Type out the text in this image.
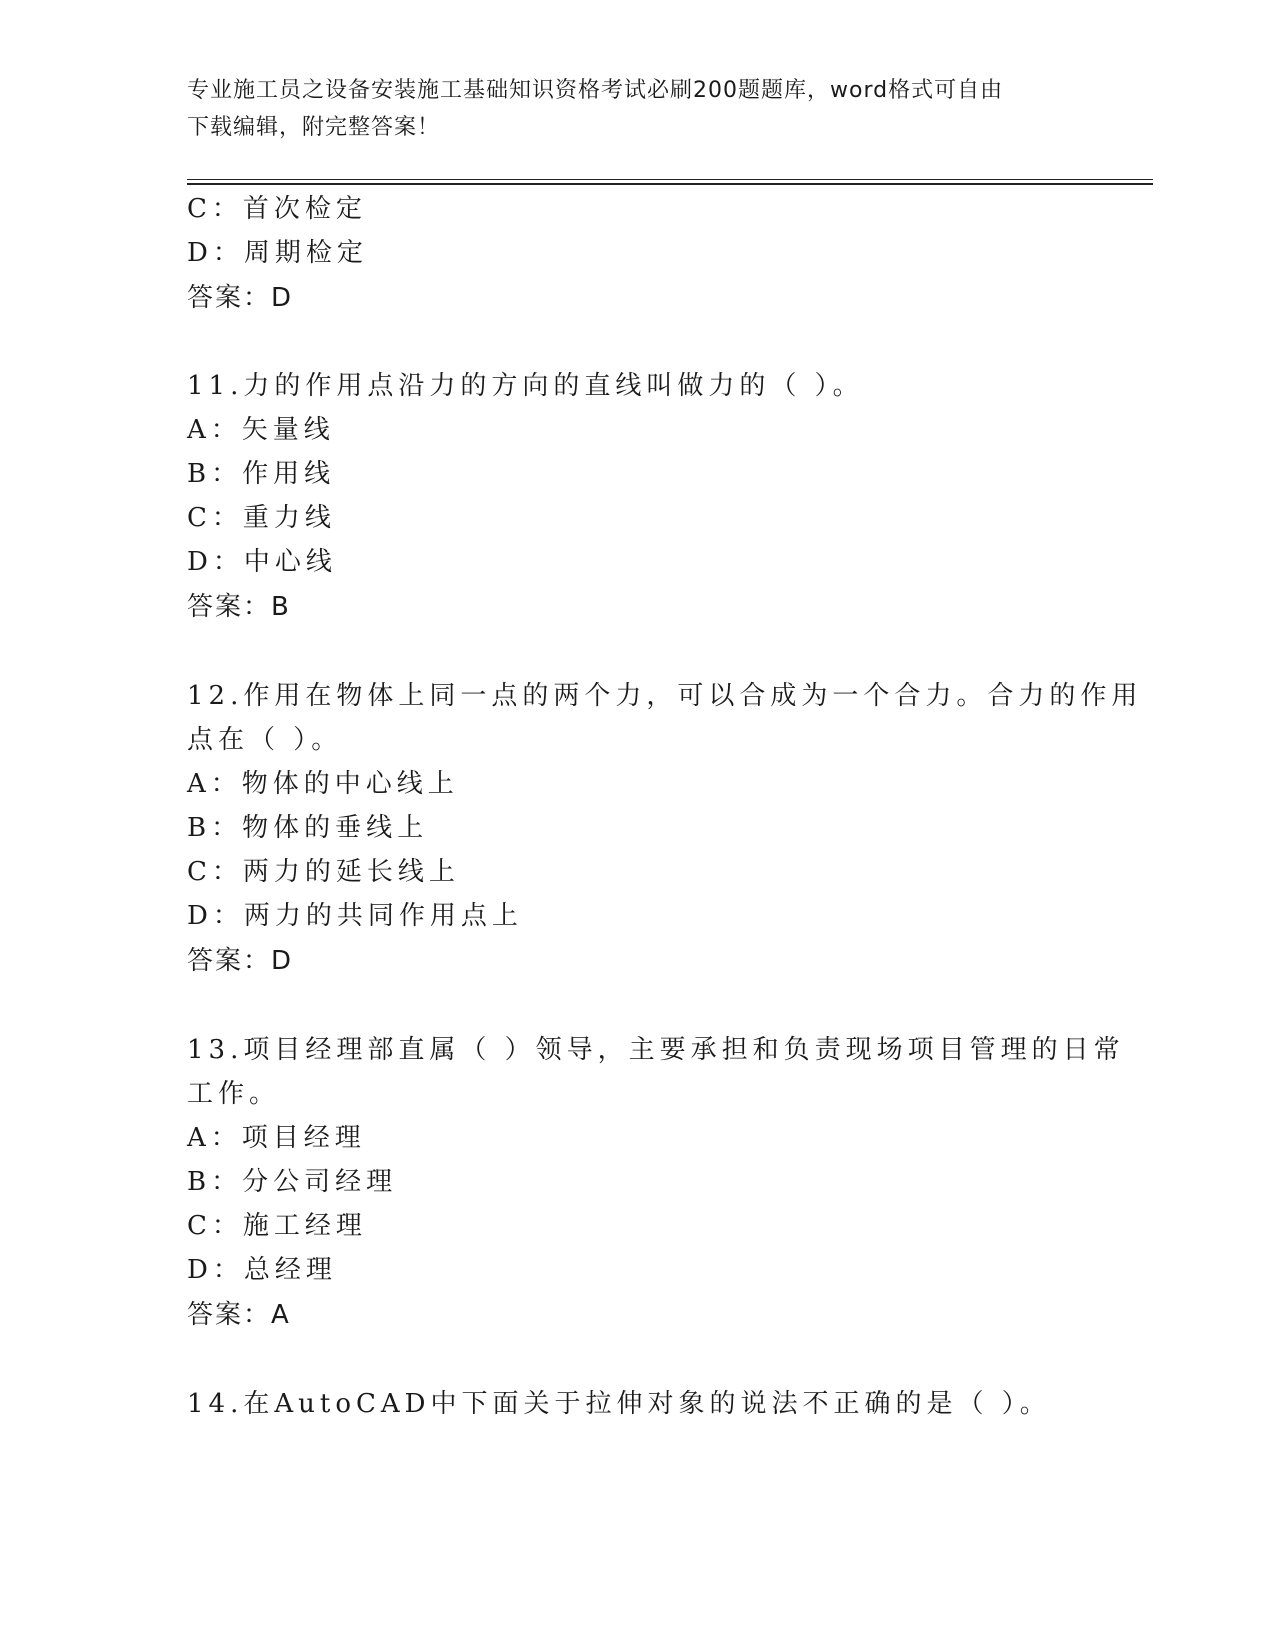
专业施工员之设备安装施工基础知识资格考试必刷200题题库，word格式可自由
下载编辑，附完整答案！
C：首次检定
D：周期检定
答案：D
11.力的作用点沿力的方向的直线叫做力的（ ）。
A：矢量线
B：作用线
C：重力线
D：中心线
答案：B
12.作用在物体上同一点的两个力，可以合成为一个合力。合力的作用
点在（ ）。
A：物体的中心线上
B：物体的垂线上
C：两力的延长线上
D：两力的共同作用点上
答案：D
13.项目经理部直属（ ）领导，主要承担和负责现场项目管理的日常
工作。
A：项目经理
B：分公司经理
C：施工经理
D：总经理
答案：A
14.在AutoCAD中下面关于拉伸对象的说法不正确的是（ ）。
